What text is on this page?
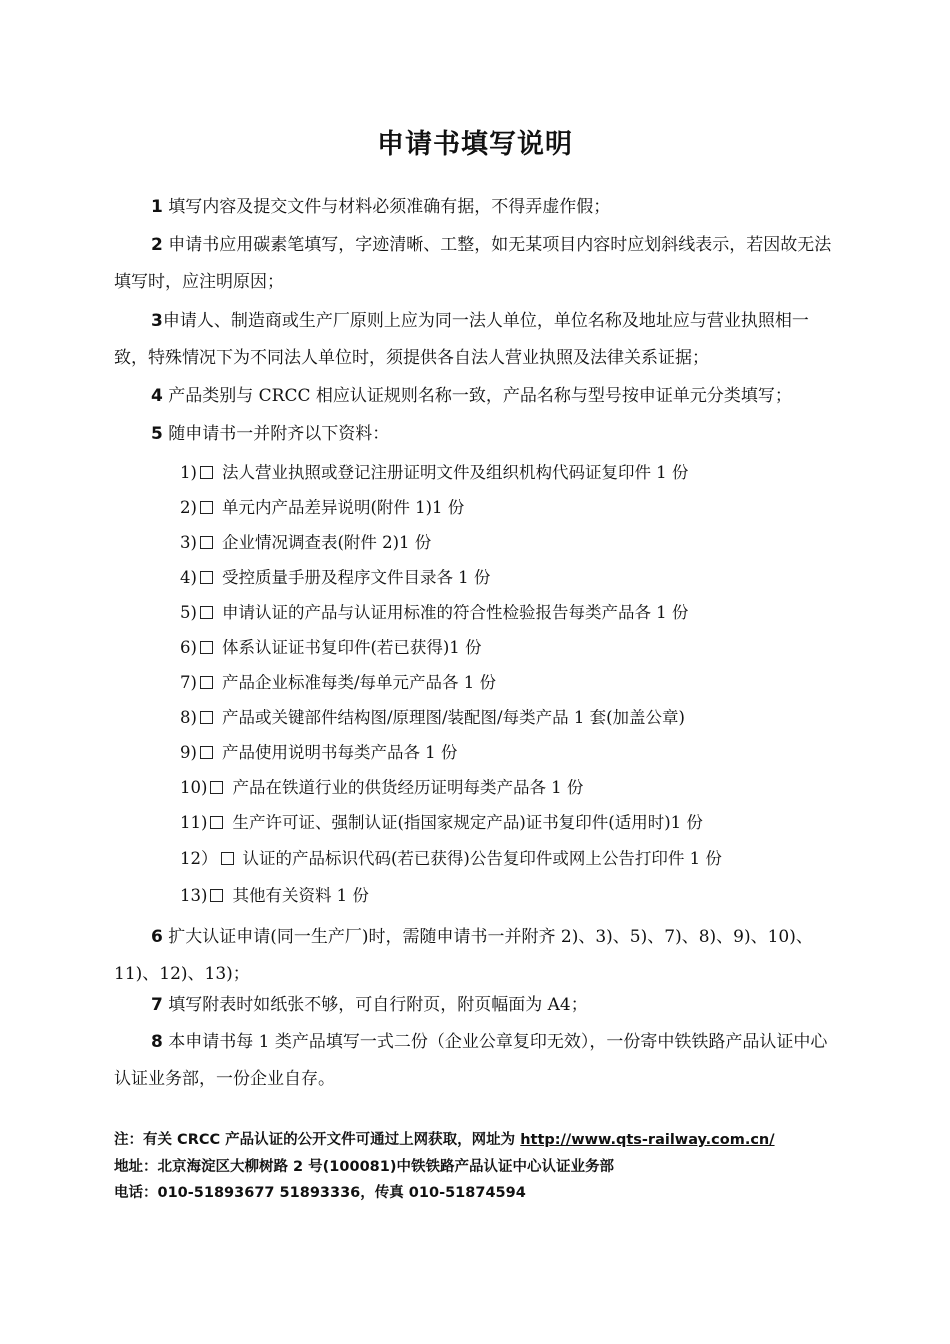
申请书填写说明
1 填写内容及提交文件与材料必须准确有据，不得弄虚作假；
2 申请书应用碳素笔填写，字迹清晰、工整，如无某项目内容时应划斜线表示，若因故无法填写时，应注明原因；
3申请人、制造商或生产厂原则上应为同一法人单位，单位名称及地址应与营业执照相一致，特殊情况下为不同法人单位时，须提供各自法人营业执照及法律关系证据；
4 产品类别与 CRCC 相应认证规则名称一致，产品名称与型号按申证单元分类填写；
5 随申请书一并附齐以下资料：
1) 法人营业执照或登记注册证明文件及组织机构代码证复印件 1 份
2) 单元内产品差异说明(附件 1)1 份
3) 企业情况调查表(附件 2)1 份
4) 受控质量手册及程序文件目录各 1 份
5) 申请认证的产品与认证用标准的符合性检验报告每类产品各 1 份
6) 体系认证证书复印件(若已获得)1 份
7) 产品企业标准每类/每单元产品各 1 份
8) 产品或关键部件结构图/原理图/装配图/每类产品 1 套(加盖公章)
9) 产品使用说明书每类产品各 1 份
10) 产品在铁道行业的供货经历证明每类产品各 1 份
11) 生产许可证、强制认证(指国家规定产品)证书复印件(适用时)1 份
12） 认证的产品标识代码(若已获得)公告复印件或网上公告打印件 1 份
13) 其他有关资料 1 份
6 扩大认证申请(同一生产厂)时，需随申请书一并附齐 2)、3)、5)、7)、8)、9)、10)、11)、12)、13)；
7 填写附表时如纸张不够，可自行附页，附页幅面为 A4；
8 本申请书每 1 类产品填写一式二份（企业公章复印无效），一份寄中铁铁路产品认证中心认证业务部，一份企业自存。
注：有关 CRCC 产品认证的公开文件可通过上网获取，网址为 http://www.qts-railway.com.cn/
地址：北京海淀区大柳树路 2 号(100081)中铁铁路产品认证中心认证业务部
电话：010-51893677 51893336，传真 010-51874594
